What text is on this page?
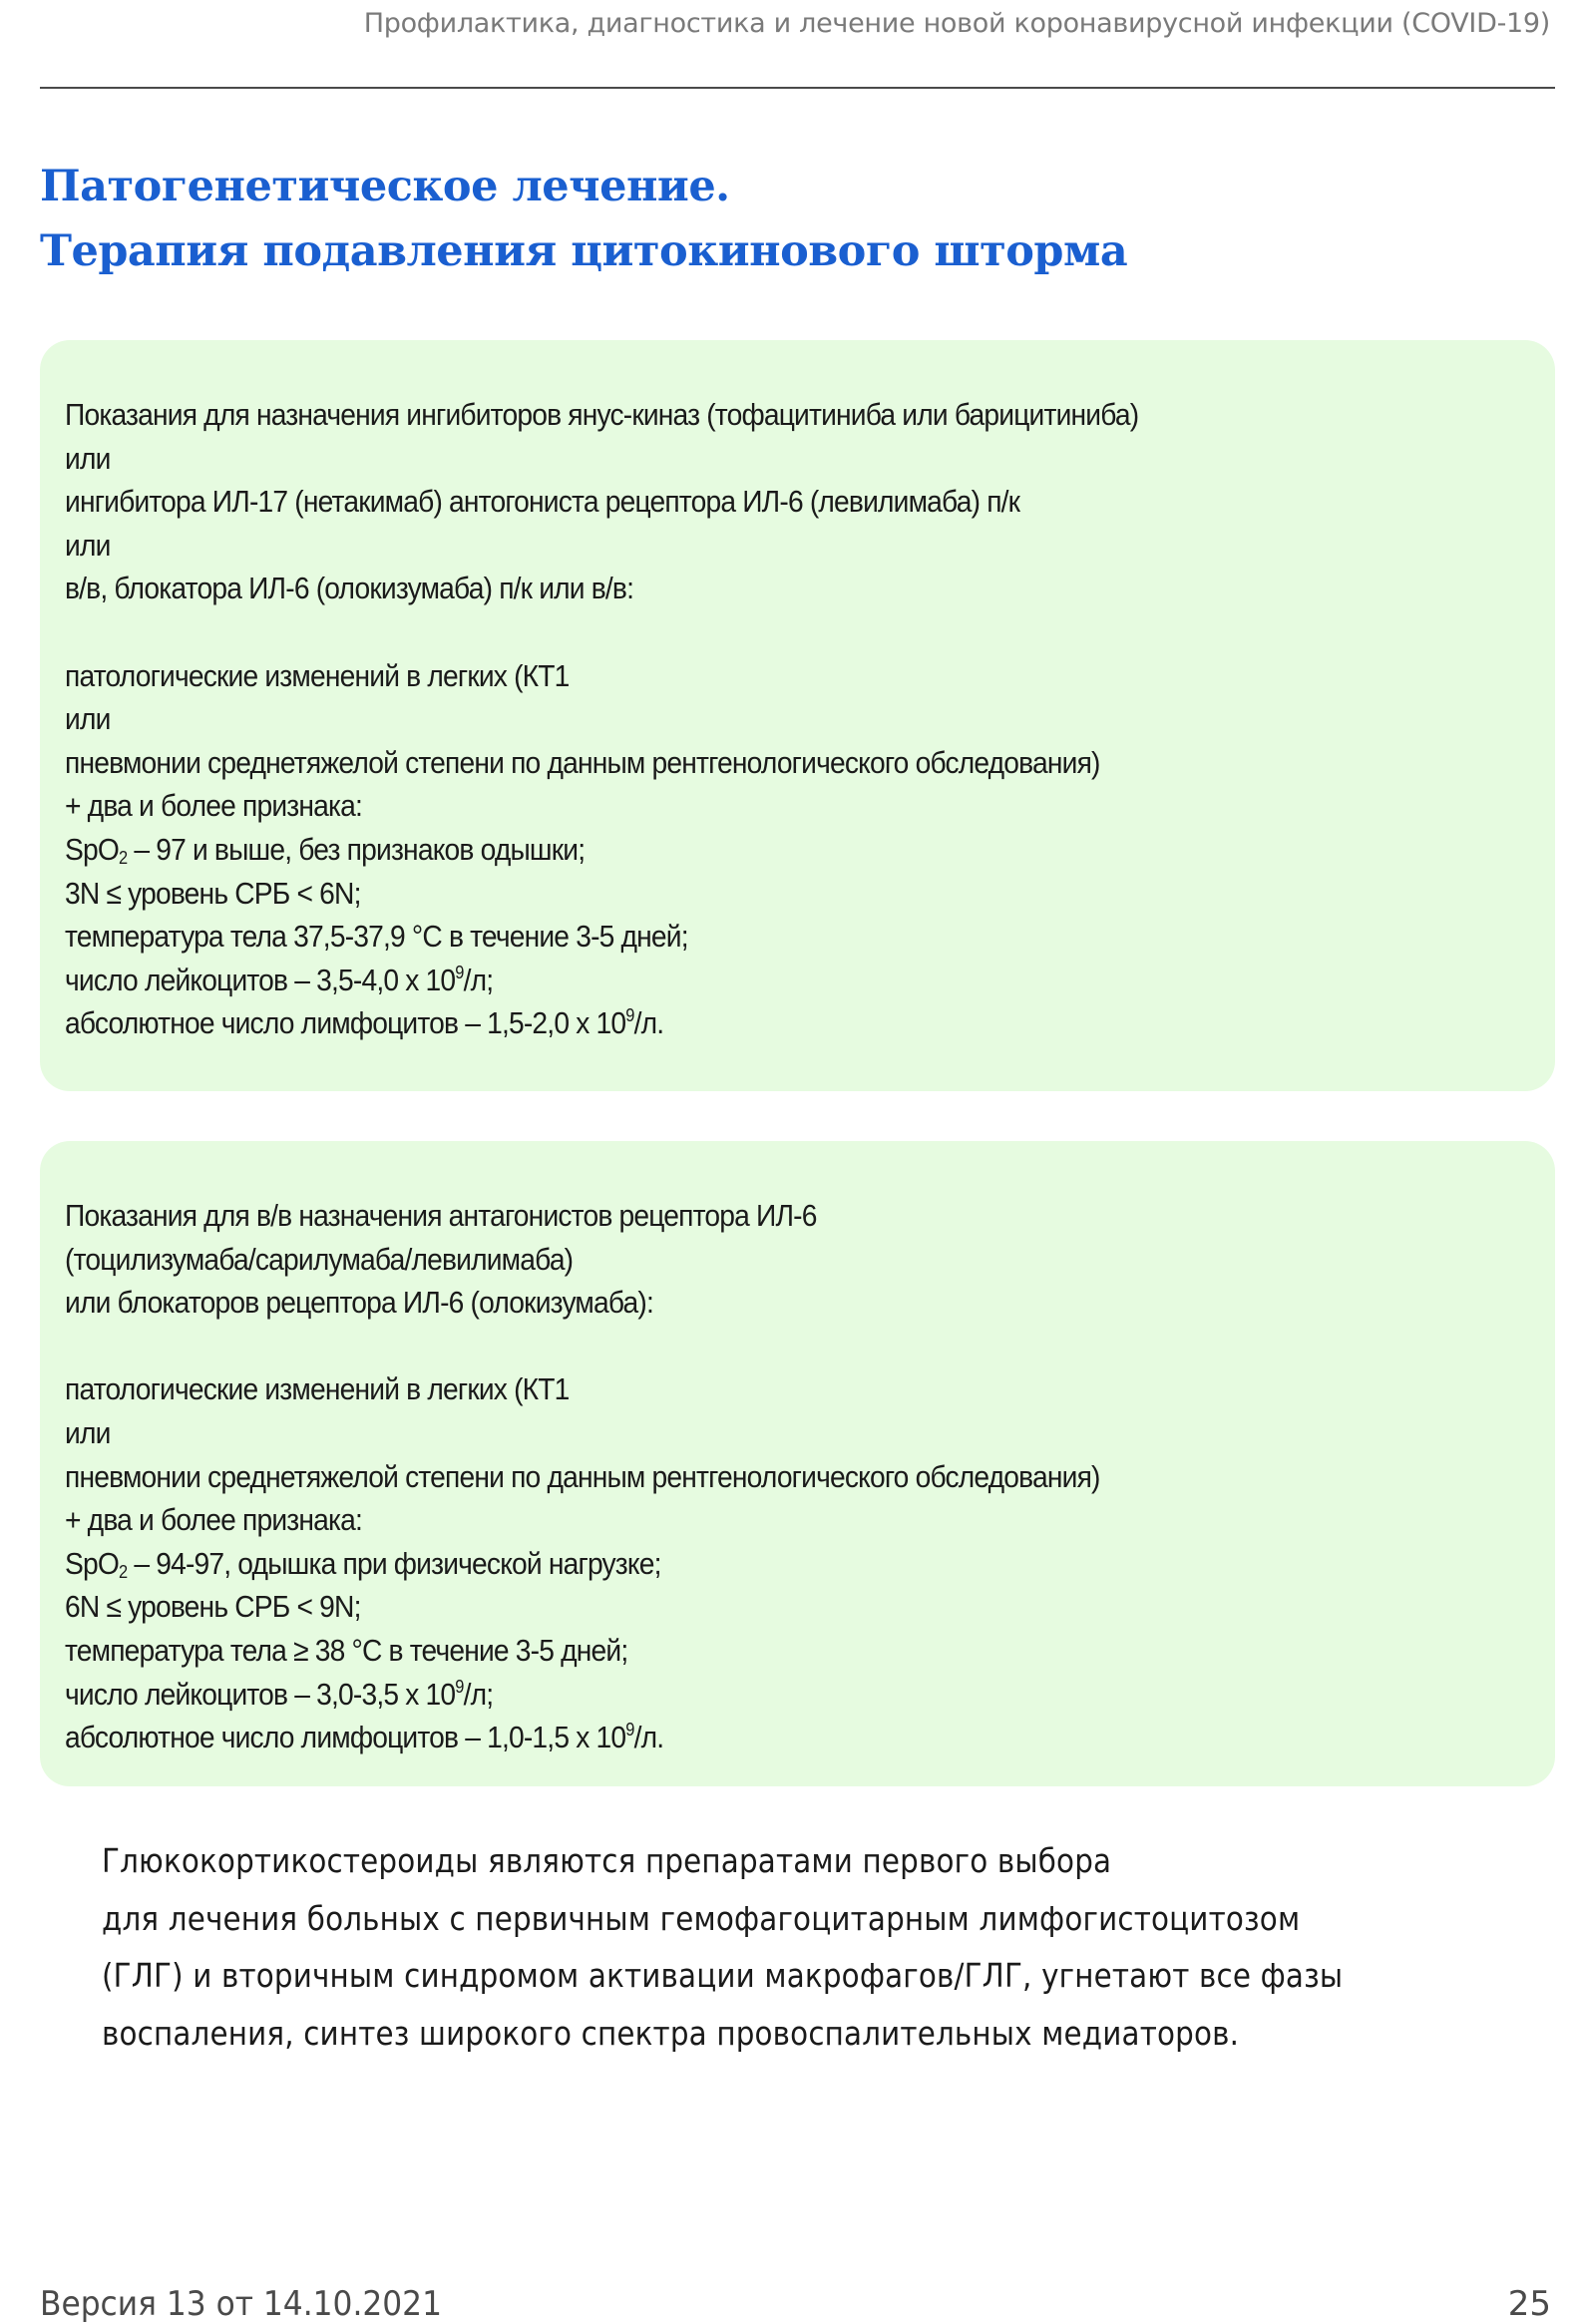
Профилактика, диагностика и лечение новой коронавирусной инфекции (COVID-19)
Патогенетическое лечение.
Терапия подавления цитокинового шторма
Показания для назначения ингибиторов янус-киназ (тофацитиниба или барицитиниба)
или
ингибитора ИЛ-17 (нетакимаб) антогониста рецептора ИЛ-6 (левилимаба) п/к
или
в/в, блокатора ИЛ-6 (олокизумаба) п/к или в/в:
патологические изменений в легких (КТ1
или
пневмонии среднетяжелой степени по данным рентгенологического обследования)
+ два и более признака:
SpO$_2$ – 97 и выше, без признаков одышки;
3N ≤ уровень СРБ < 6N;
температура тела 37,5-37,9 °С в течение 3-5 дней;
число лейкоцитов – 3,5-4,0 х $10^9/л$;
абсолютное число лимфоцитов – 1,5-2,0 х $10^9/л$.
Показания для в/в назначения антагонистов рецептора ИЛ-6
(тоцилизумаба/сарилумаба/левилимаба)
или блокаторов рецептора ИЛ-6 (олокизумаба):
патологические изменений в легких (КТ1
или
пневмонии среднетяжелой степени по данным рентгенологического обследования)
+ два и более признака:
SpO$_2$ – 94-97, одышка при физической нагрузке;
6N ≤ уровень СРБ < 9N;
температура тела ≥ 38 °С в течение 3-5 дней;
число лейкоцитов – 3,0-3,5 х $10^9/л$;
абсолютное число лимфоцитов – 1,0-1,5 х $10^9/л$.
Глюкокортикостероиды являются препаратами первого выбора
для лечения больных с первичным гемофагоцитарным лимфогистоцитозом
(ГЛГ) и вторичным синдромом активации макрофагов/ГЛГ, угнетают все фазы
воспаления, синтез широкого спектра провоспалительных медиаторов.
Версия 13 от 14.10.2021	25
